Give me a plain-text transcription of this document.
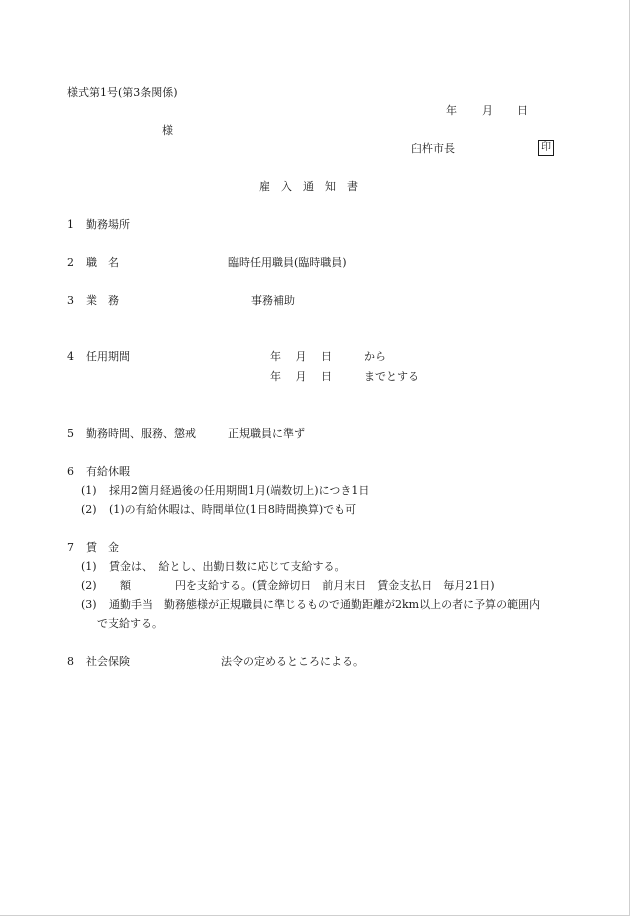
様式第1号(第3条関係)
年 月 日
様
臼杵市長	印
雇　入　通　知　書
1 勤務場所
2 職　名	臨時任用職員(臨時職員)
3 業　務	事務補助
4 任用期間	年　 月　 日	から
年　 月　 日	までとする
5 勤務時間、服務、懲戒	正規職員に準ず
6 有給休暇
(1) 採用2箇月経過後の任用期間1月(端数切上)につき1日
(2) (1)の有給休暇は、時間単位(1日8時間換算)でも可
7 賃　金
(1) 賃金は、　給とし、出勤日数に応じて支給する。
(2) 　額　　　　円を支給する。(賃金締切日　前月末日　賃金支払日　毎月21日)
(3) 通勤手当　勤務態様が正規職員に準じるもので通勤距離が2km以上の者に予算の範囲内
で支給する。
8 社会保険	法令の定めるところによる。
